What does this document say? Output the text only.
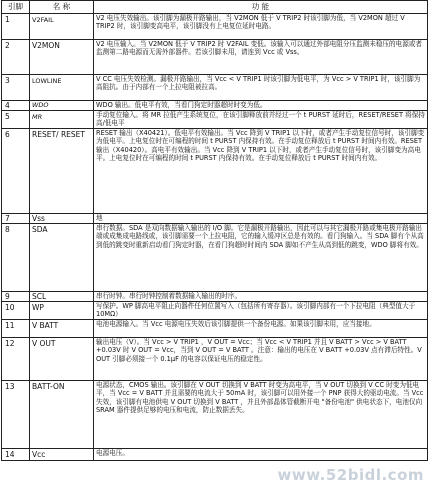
引脚	名 称	功 能
1	V2FAIL	V2 电压失效输出。该引脚为漏极开路输出，当 V2MON 低于 V TRIP2 时该引脚为低，当 V2MON 超过 V TRIP2 时，该引脚变高电平，该引脚没有上电复位延时电路。
2	V2MON	V2 电压输入。当 V2MON 低于 V TRIP2 时 V2FAIL 变低。该输入可以通过外部电阻分压监测未稳压的电源或者监测第二路电源而无需外部器件。若该引脚未用，请连到 Vcc 或 Vss。
3	LOWLINE	V CC 电压失效检测。漏极开路输出，当 Vcc < V TRIP1 时该引脚为低电平，为 Vcc > V TRIP1 时，该引脚为高阻抗。由于内部有一个上拉电阻被拉高。
4	WDO	WDO 输出。低电平有效，当看门狗定时器超时时变为低。
5	MR	手动复位输入。将 MR 拉低产生系统复位，在该引脚释放前并经过一个 t PURST 延时后，RESET/RESET 将保持高/低电平
6	RESET/ RESET	RESET 输出（X40421）。低电平有效输出。当 Vcc 降到 V TRIP1 以下时，或者产生手动复位信号时，该引脚变为低电平。上电复位时在可编程的时间 t PURST 内保持有效。在手动复位释放后 t PURST 时间内有效。RESET 输出（X40420）。高电平有效输出。当 Vcc 降到 V TRIP1 以下时，或者产生手动复位信号时，该引脚变为高电平。上电复位时在可编程的时间 t PURST 内保持有效。在手动复位释放后 t PURST 时间内有效。
7	Vss	地
8	SDA	串行数据。SDA 是双向数据输入输出的 I/O 脚。它是漏极开路输出，因此可以与其它漏极开路或集电极开路输出端或成集成电路线或，该引脚需要一个上拉电阻，它的输入缓冲区总是有效的。看门狗输入。当 SDA 脚有个从高到低的跳变时重新启动看门狗定时器，在看门狗超时时间内 SDA 脚如不产生从高到低的跳变，WDO 脚将有效。
9	SCL	串行时钟。串行时钟控制着数据输入输出的时序。
10	WP	写保护。WP 脚高电平阻止向器件任何位置写入（包括所有寄存器）。该引脚内部有一个下拉电阻（典型值大于 10MΩ）
11	V BATT	电池电源输入。当 Vcc 电源电压失效后该引脚提供一个备份电源。如果该引脚未用，应当接地。
12	V OUT	输出电压（V）。当 Vcc > V TRIP1 ，V OUT = Vcc；当 Vcc < V TRIP1 并且 V BATT > Vcc > V BATT +0.03V 时 V OUT = Vcc，当到 V OUT = V BATT 。注意：输出的电压在 V BATT +0.03V 点有滞后特性。V OUT 引脚必须接一个 0.1μF 的电容以保证电压的稳定性。
13	BATT-ON	电源状态，CMOS 输出。该引脚在 V OUT 切换到 V BATT 时变为高电平，当 V OUT 切换到 V CC 时变为低电平，当 Vcc = V BATT 并且需要的电流大于 50mA 时，该引脚可以用外接一个 PNP 获得大的驱动电流。当 Vcc 失效，该引脚有电池供电 V OUT 切换到 V BATT ，并且外部晶体管截断开电 "备份电池" 供电状态下，电池仅向 SRAM 器件提供足够的电压和电流，防止数据丢失。
14	Vcc	电源电压。
www.52bidl.com
